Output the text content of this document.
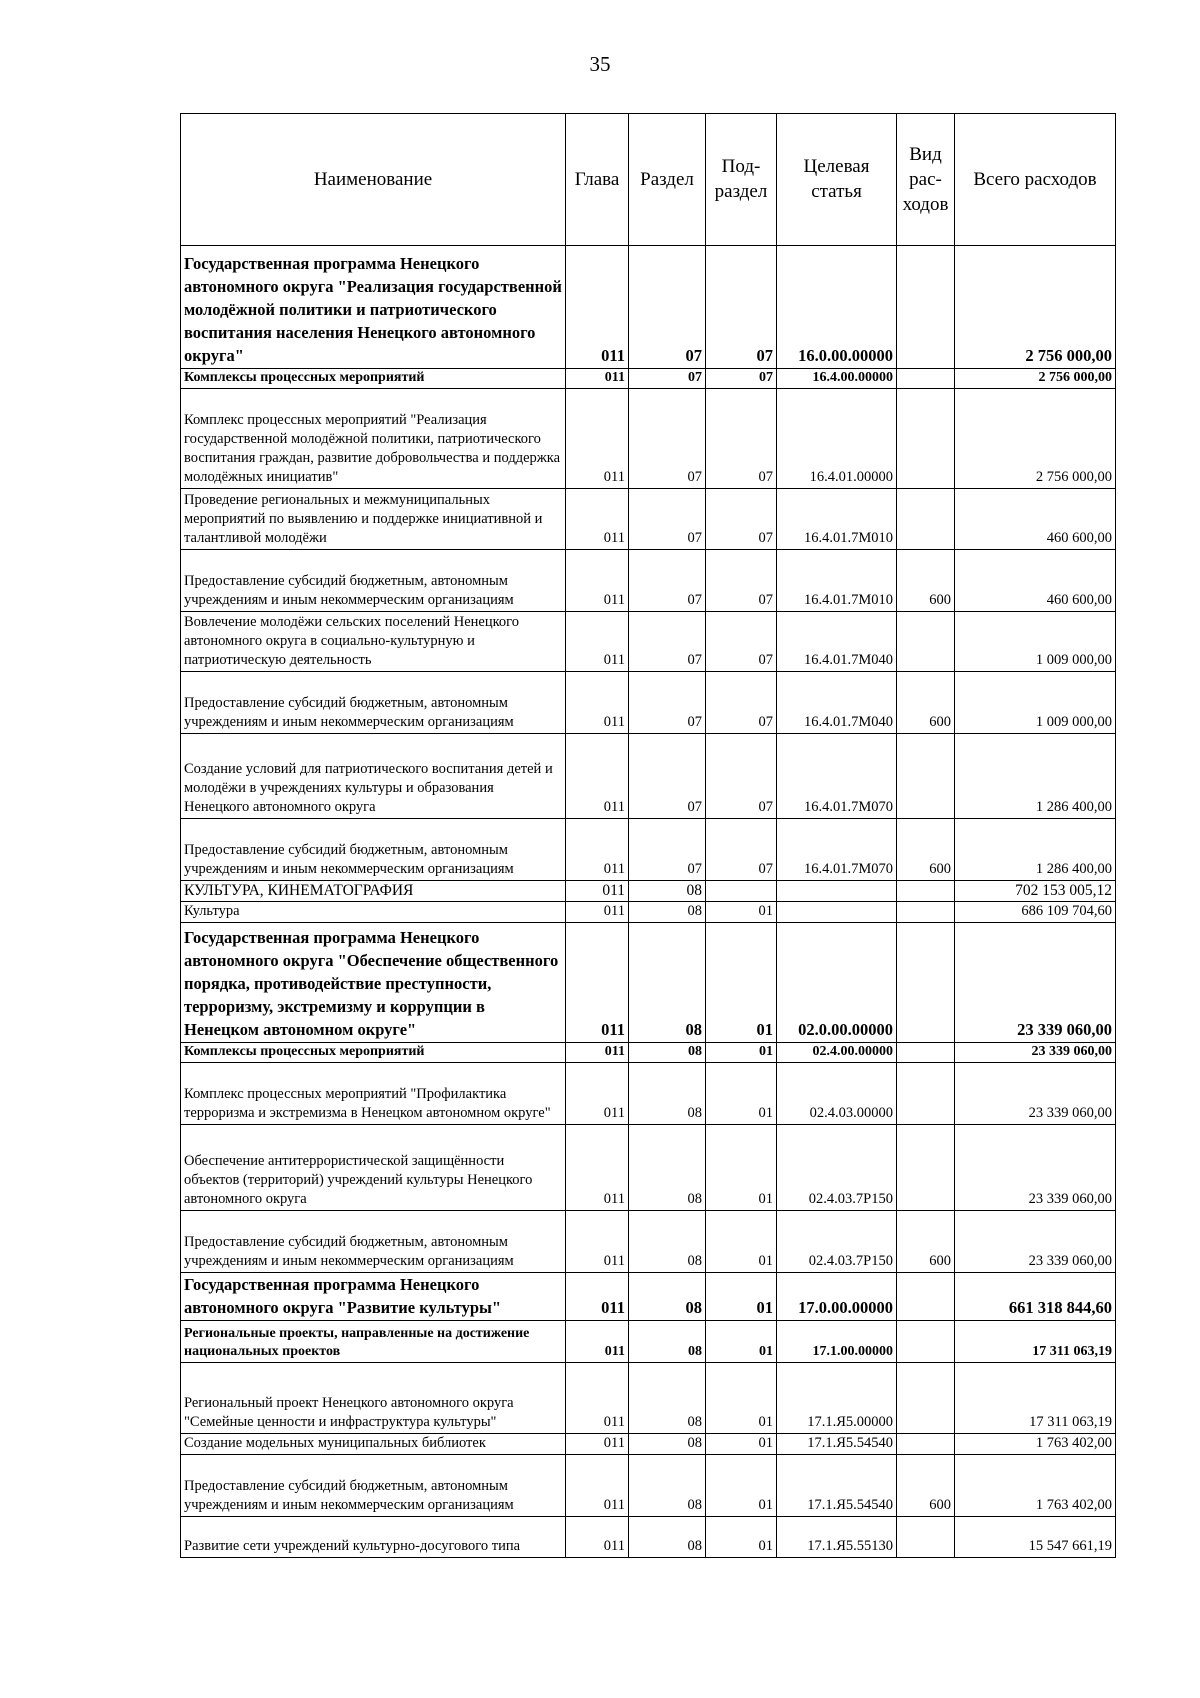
35
Наименование	Глава	Раздел	Под-раздел	Целевая статья	Вид рас-ходов	Всего расходов
Государственная программа Ненецкого автономного округа "Реализация государственной молодёжной политики и патриотического воспитания населения Ненецкого автономного округа"	011	07	07	16.0.00.00000		2 756 000,00
Комплексы процессных мероприятий	011	07	07	16.4.00.00000		2 756 000,00
Комплекс процессных мероприятий "Реализация государственной молодёжной политики, патриотического воспитания граждан, развитие добровольчества и поддержка молодёжных инициатив"	011	07	07	16.4.01.00000		2 756 000,00
Проведение региональных и межмуниципальных мероприятий по выявлению и поддержке инициативной и талантливой молодёжи	011	07	07	16.4.01.7М010		460 600,00
Предоставление субсидий бюджетным, автономным учреждениям и иным некоммерческим организациям	011	07	07	16.4.01.7М010	600	460 600,00
Вовлечение молодёжи сельских поселений Ненецкого автономного округа в социально-культурную и патриотическую деятельность	011	07	07	16.4.01.7М040		1 009 000,00
Предоставление субсидий бюджетным, автономным учреждениям и иным некоммерческим организациям	011	07	07	16.4.01.7М040	600	1 009 000,00
Создание условий для патриотического воспитания детей и молодёжи в учреждениях культуры и образования Ненецкого автономного округа	011	07	07	16.4.01.7М070		1 286 400,00
Предоставление субсидий бюджетным, автономным учреждениям и иным некоммерческим организациям	011	07	07	16.4.01.7М070	600	1 286 400,00
КУЛЬТУРА, КИНЕМАТОГРАФИЯ	011	08				702 153 005,12
Культура	011	08	01			686 109 704,60
Государственная программа Ненецкого автономного округа "Обеспечение общественного порядка, противодействие преступности, терроризму, экстремизму и коррупции в Ненецком автономном округе"	011	08	01	02.0.00.00000		23 339 060,00
Комплексы процессных мероприятий	011	08	01	02.4.00.00000		23 339 060,00
Комплекс процессных мероприятий "Профилактика терроризма и экстремизма в Ненецком автономном округе"	011	08	01	02.4.03.00000		23 339 060,00
Обеспечение антитеррористической защищённости объектов (территорий) учреждений культуры Ненецкого автономного округа	011	08	01	02.4.03.7Р150		23 339 060,00
Предоставление субсидий бюджетным, автономным учреждениям и иным некоммерческим организациям	011	08	01	02.4.03.7Р150	600	23 339 060,00
Государственная программа Ненецкого автономного округа "Развитие культуры"	011	08	01	17.0.00.00000		661 318 844,60
Региональные проекты, направленные на достижение национальных проектов	011	08	01	17.1.00.00000		17 311 063,19
Региональный проект Ненецкого автономного округа "Семейные ценности и инфраструктура культуры"	011	08	01	17.1.Я5.00000		17 311 063,19
Создание модельных муниципальных библиотек	011	08	01	17.1.Я5.54540		1 763 402,00
Предоставление субсидий бюджетным, автономным учреждениям и иным некоммерческим организациям	011	08	01	17.1.Я5.54540	600	1 763 402,00
Развитие сети учреждений культурно-досугового типа	011	08	01	17.1.Я5.55130		15 547 661,19
